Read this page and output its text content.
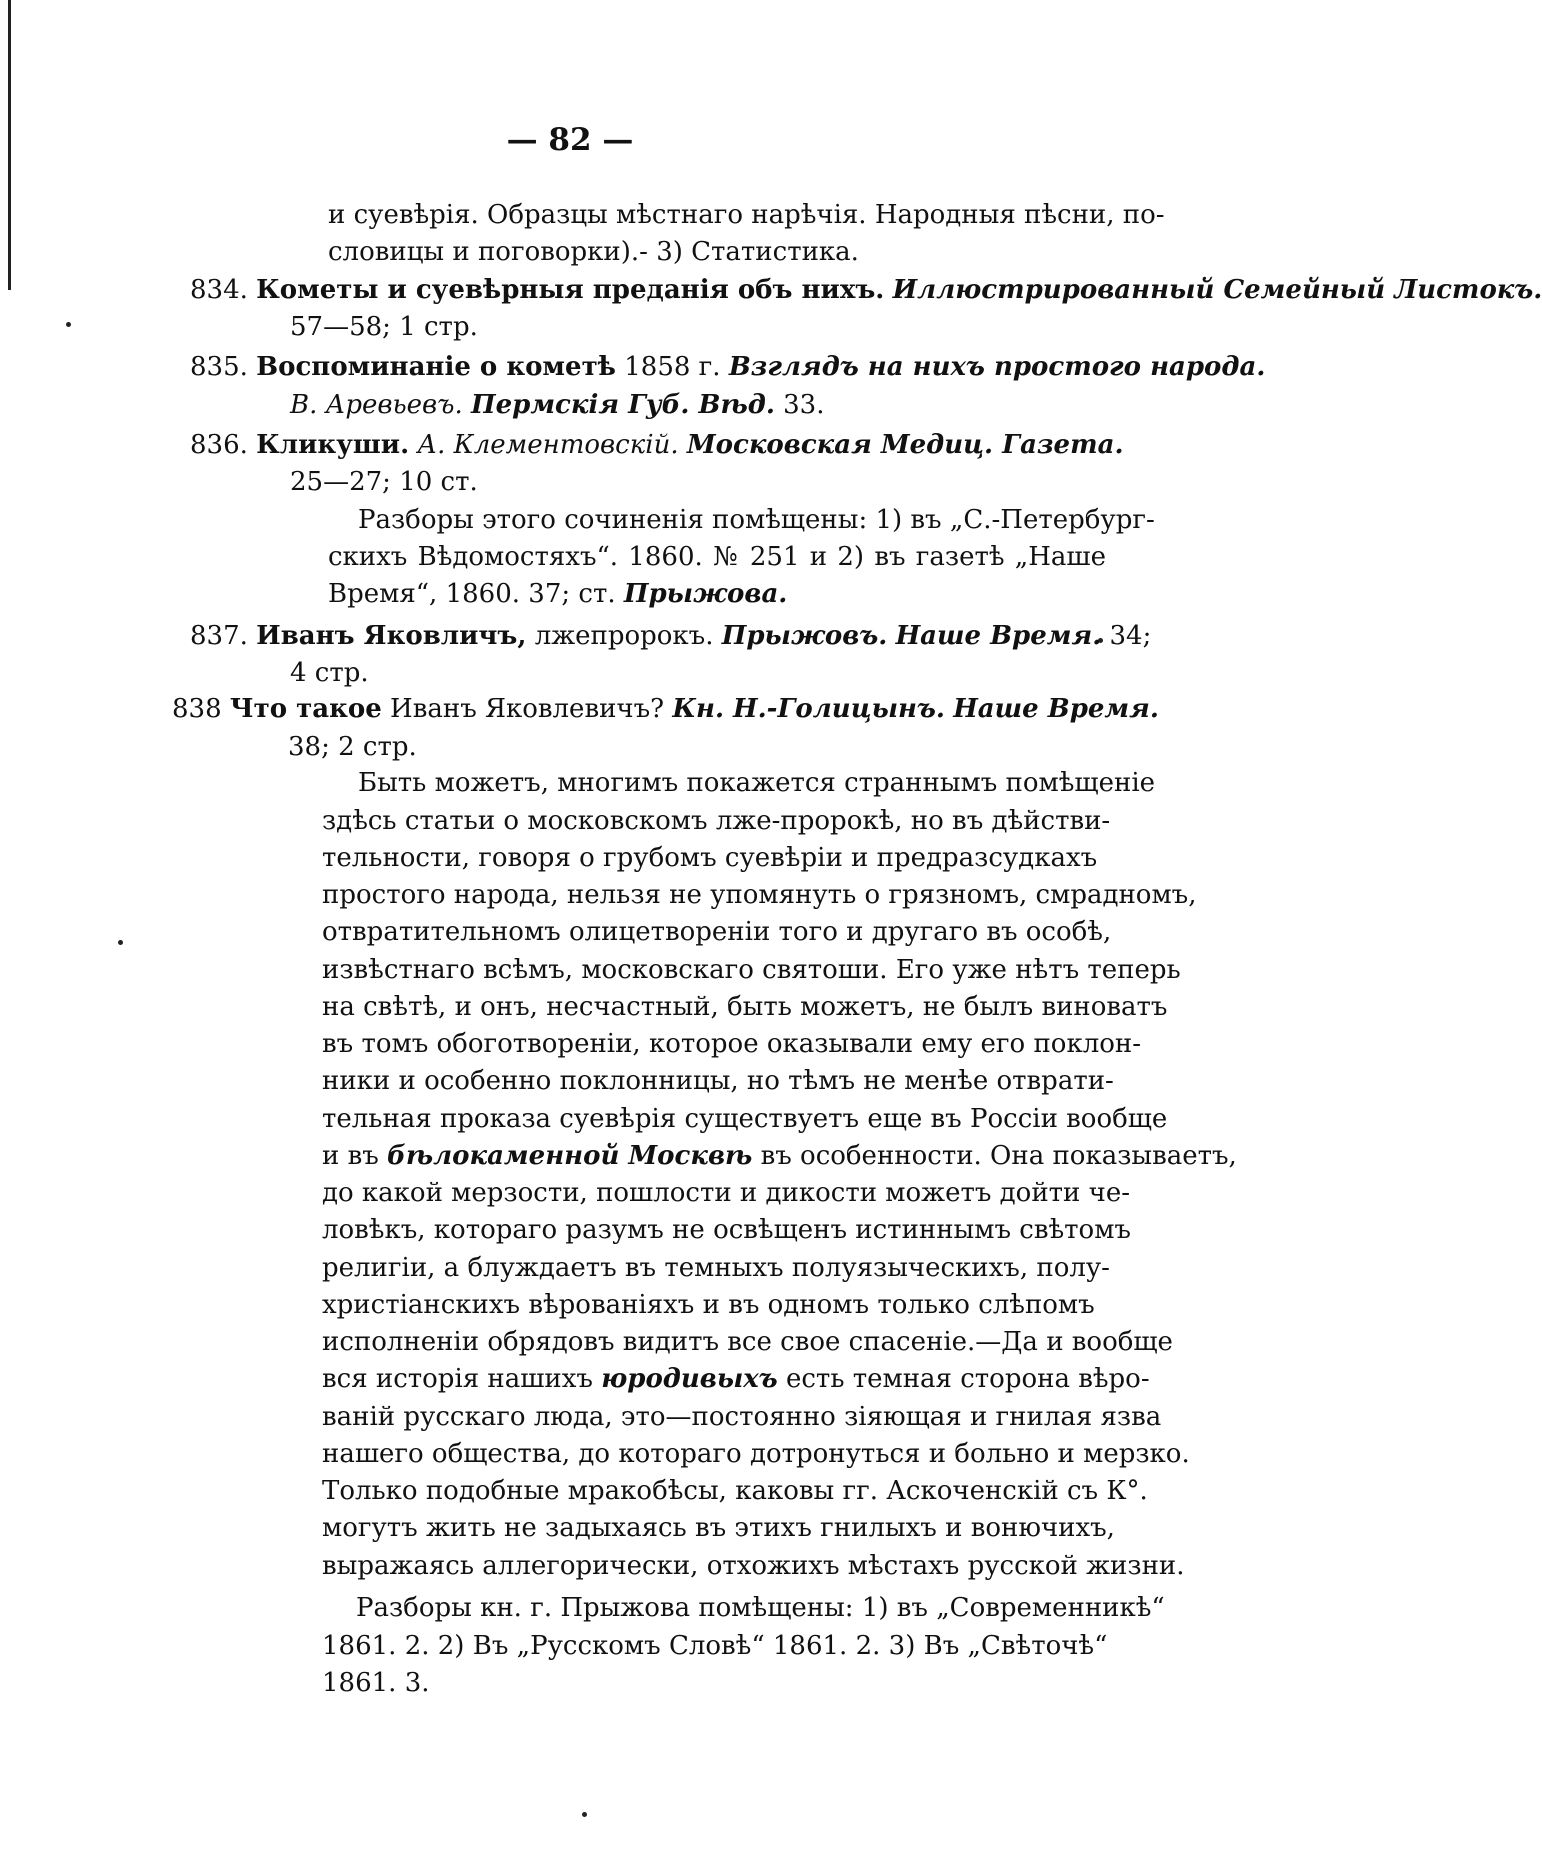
— 82 —
и суевѣрія. Образцы мѣстнаго нарѣчія. Народныя пѣсни, по-
словицы и поговорки).- 3) Статистика.
834. Кометы и суевѣрныя преданія объ нихъ. Иллюстрированный Семейный Листокъ.
57—58; 1 стр.
835. Воспоминаніе о кометѣ 1858 г. Взглядъ на нихъ простого народа.
В. Аревьевъ. Пермскія Губ. Вѣд. 33.
836. Кликуши. А. Клементовскій. Московская Медиц. Газета.
25—27; 10 ст.
Разборы этого сочиненія помѣщены: 1) въ „С.-Петербург-
скихъ Вѣдомостяхъ“. 1860. № 251 и 2) въ газетѣ „Наше
Время“, 1860. 37; ст. Прыжова.
837. Иванъ Яковличъ, лжепророкъ. Прыжовъ. Наше Время. 34;
4 стр.
838 Что такое Иванъ Яковлевичъ? Кн. Н.-Голицынъ. Наше Время.
38; 2 стр.
Быть можетъ, многимъ покажется страннымъ помѣщеніе
здѣсь статьи о московскомъ лже-пророкѣ, но въ дѣйстви-
тельности, говоря о грубомъ суевѣріи и предразсудкахъ
простого народа, нельзя не упомянуть о грязномъ, смрадномъ,
отвратительномъ олицетвореніи того и другаго въ особѣ,
извѣстнаго всѣмъ, московскаго святоши. Его уже нѣтъ теперь
на свѣтѣ, и онъ, несчастный, быть можетъ, не былъ виноватъ
въ томъ обоготвореніи, которое оказывали ему его поклон-
ники и особенно поклонницы, но тѣмъ не менѣе отврати-
тельная проказа суевѣрія существуетъ еще въ Россіи вообще
и въ бѣлокаменной Москвѣ въ особенности. Она показываетъ,
до какой мерзости, пошлости и дикости можетъ дойти че-
ловѣкъ, котораго разумъ не освѣщенъ истиннымъ свѣтомъ
религіи, а блуждаетъ въ темныхъ полуязыческихъ, полу-
христіанскихъ вѣрованіяхъ и въ одномъ только слѣпомъ
исполненіи обрядовъ видитъ все свое спасеніе.—Да и вообще
вся исторія нашихъ юродивыхъ есть темная сторона вѣро-
ваній русскаго люда, это—постоянно зіяющая и гнилая язва
нашего общества, до котораго дотронуться и больно и мерзко.
Только подобные мракобѣсы, каковы гг. Аскоченскій съ К°.
могутъ жить не задыхаясь въ этихъ гнилыхъ и вонючихъ,
выражаясь аллегорически, отхожихъ мѣстахъ русской жизни.
Разборы кн. г. Прыжова помѣщены: 1) въ „Современникѣ“
1861. 2. 2) Въ „Русскомъ Словѣ“ 1861. 2. 3) Въ „Свѣточѣ“
1861. 3.
